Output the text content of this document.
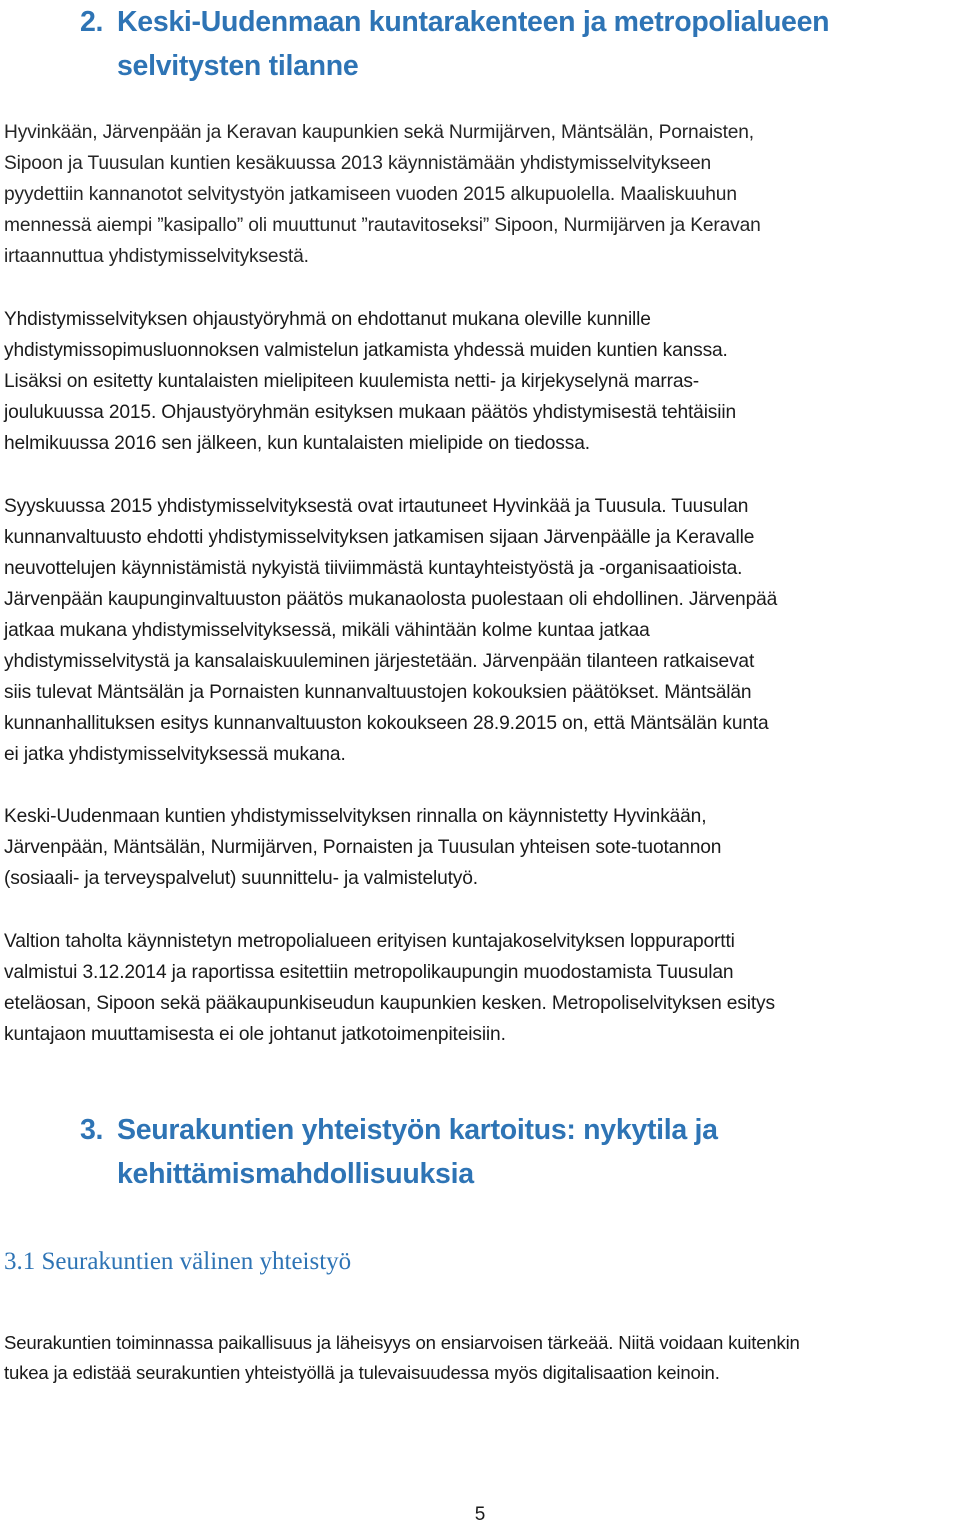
2. Keski-Uudenmaan kuntarakenteen ja metropolialueen selvitysten tilanne

Hyvinkään, Järvenpään ja Keravan kaupunkien sekä Nurmijärven, Mäntsälän, Pornaisten,
Sipoon ja Tuusulan kuntien kesäkuussa 2013 käynnistämään yhdistymisselvitykseen
pyydettiin kannanotot selvitystyön jatkamiseen vuoden 2015 alkupuolella. Maaliskuuhun
mennessä aiempi ”kasipallo” oli muuttunut ”rautavitoseksi” Sipoon, Nurmijärven ja Keravan
irtaannuttua yhdistymisselvityksestä.

Yhdistymisselvityksen ohjaustyöryhmä on ehdottanut mukana oleville kunnille
yhdistymissopimusluonnoksen valmistelun jatkamista yhdessä muiden kuntien kanssa.
Lisäksi on esitetty kuntalaisten mielipiteen kuulemista netti- ja kirjekyselynä marras-
joulukuussa 2015. Ohjaustyöryhmän esityksen mukaan päätös yhdistymisestä tehtäisiin
helmikuussa 2016 sen jälkeen, kun kuntalaisten mielipide on tiedossa.

Syyskuussa 2015 yhdistymisselvityksestä ovat irtautuneet Hyvinkää ja Tuusula. Tuusulan
kunnanvaltuusto ehdotti yhdistymisselvityksen jatkamisen sijaan Järvenpäälle ja Keravalle
neuvottelujen käynnistämistä nykyistä tiiviimmästä kuntayhteistyöstä ja -organisaatioista.
Järvenpään kaupunginvaltuuston päätös mukanaolosta puolestaan oli ehdollinen. Järvenpää
jatkaa mukana yhdistymisselvityksessä, mikäli vähintään kolme kuntaa jatkaa
yhdistymisselvitystä ja kansalaiskuuleminen järjestetään. Järvenpään tilanteen ratkaisevat
siis tulevat Mäntsälän ja Pornaisten kunnanvaltuustojen kokouksien päätökset. Mäntsälän
kunnanhallituksen esitys kunnanvaltuuston kokoukseen 28.9.2015 on, että Mäntsälän kunta
ei jatka yhdistymisselvityksessä mukana.

Keski-Uudenmaan kuntien yhdistymisselvityksen rinnalla on käynnistetty Hyvinkään,
Järvenpään, Mäntsälän, Nurmijärven, Pornaisten ja Tuusulan yhteisen sote-tuotannon
(sosiaali- ja terveyspalvelut) suunnittelu- ja valmistelutyö.

Valtion taholta käynnistetyn metropolialueen erityisen kuntajakoselvityksen loppuraportti
valmistui 3.12.2014 ja raportissa esitettiin metropolikaupungin muodostamista Tuusulan
eteläosan, Sipoon sekä pääkaupunkiseudun kaupunkien kesken. Metropoliselvityksen esitys
kuntajaon muuttamisesta ei ole johtanut jatkotoimenpiteisiin.

3. Seurakuntien yhteistyön kartoitus: nykytila ja kehittämismahdollisuuksia
3.1 Seurakuntien välinen yhteistyö

Seurakuntien toiminnassa paikallisuus ja läheisyys on ensiarvoisen tärkeää. Niitä voidaan kuitenkin
tukea ja edistää seurakuntien yhteistyöllä ja tulevaisuudessa myös digitalisaation keinoin.

5
